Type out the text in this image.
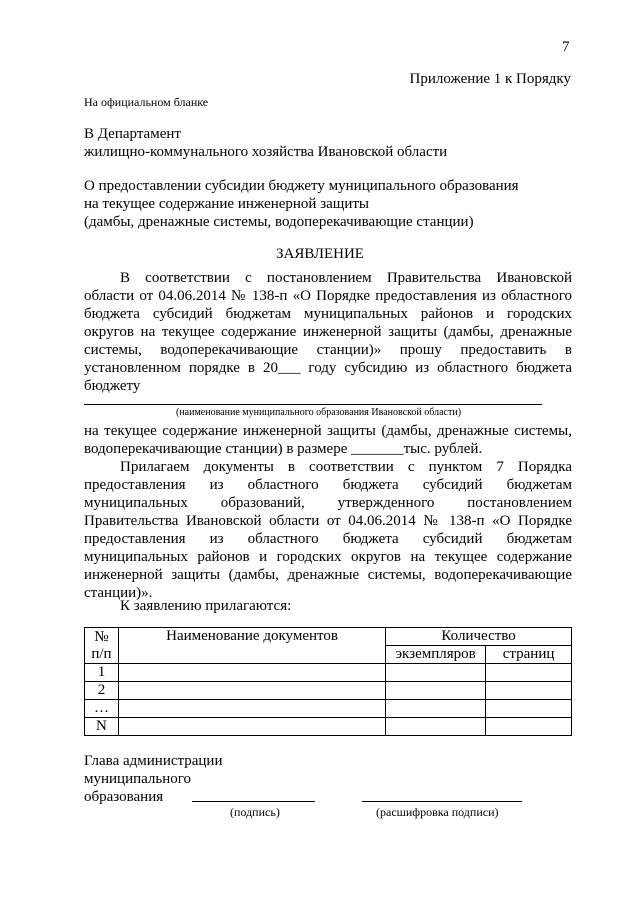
7
Приложение 1 к Порядку
На официальном бланке
В Департамент
жилищно-коммунального хозяйства Ивановской области
О предоставлении субсидии бюджету муниципального образования
на текущее содержание инженерной защиты
(дамбы, дренажные системы, водоперекачивающие станции)
ЗАЯВЛЕНИЕ
В соответствии с постановлением Правительства Ивановской
области от 04.06.2014 № 138-п «О Порядке предоставления из областного
бюджета субсидий бюджетам муниципальных районов и городских
округов на текущее содержание инженерной защиты (дамбы, дренажные
системы, водоперекачивающие станции)» прошу предоставить в
установленном порядке в 20___ году субсидию из областного бюджета
бюджету
(наименование муниципального образования Ивановской области)
на текущее содержание инженерной защиты (дамбы, дренажные системы,
водоперекачивающие станции) в размере _______тыс. рублей.
Прилагаем документы в соответствии с пунктом 7 Порядка
предоставления из областного бюджета субсидий бюджетам
муниципальных образований, утвержденного постановлением
Правительства Ивановской области от 04.06.2014 № 138-п «О Порядке
предоставления из областного бюджета субсидий бюджетам
муниципальных районов и городских округов на текущее содержание
инженерной защиты (дамбы, дренажные системы, водоперекачивающие
станции)».
К заявлению прилагаются:
№
п/п	Наименование документов	Количество	
		экземпляров	страниц
1			
2			
…			
N			
Глава администрации
муниципального
образования
(подпись)	(расшифровка подписи)
